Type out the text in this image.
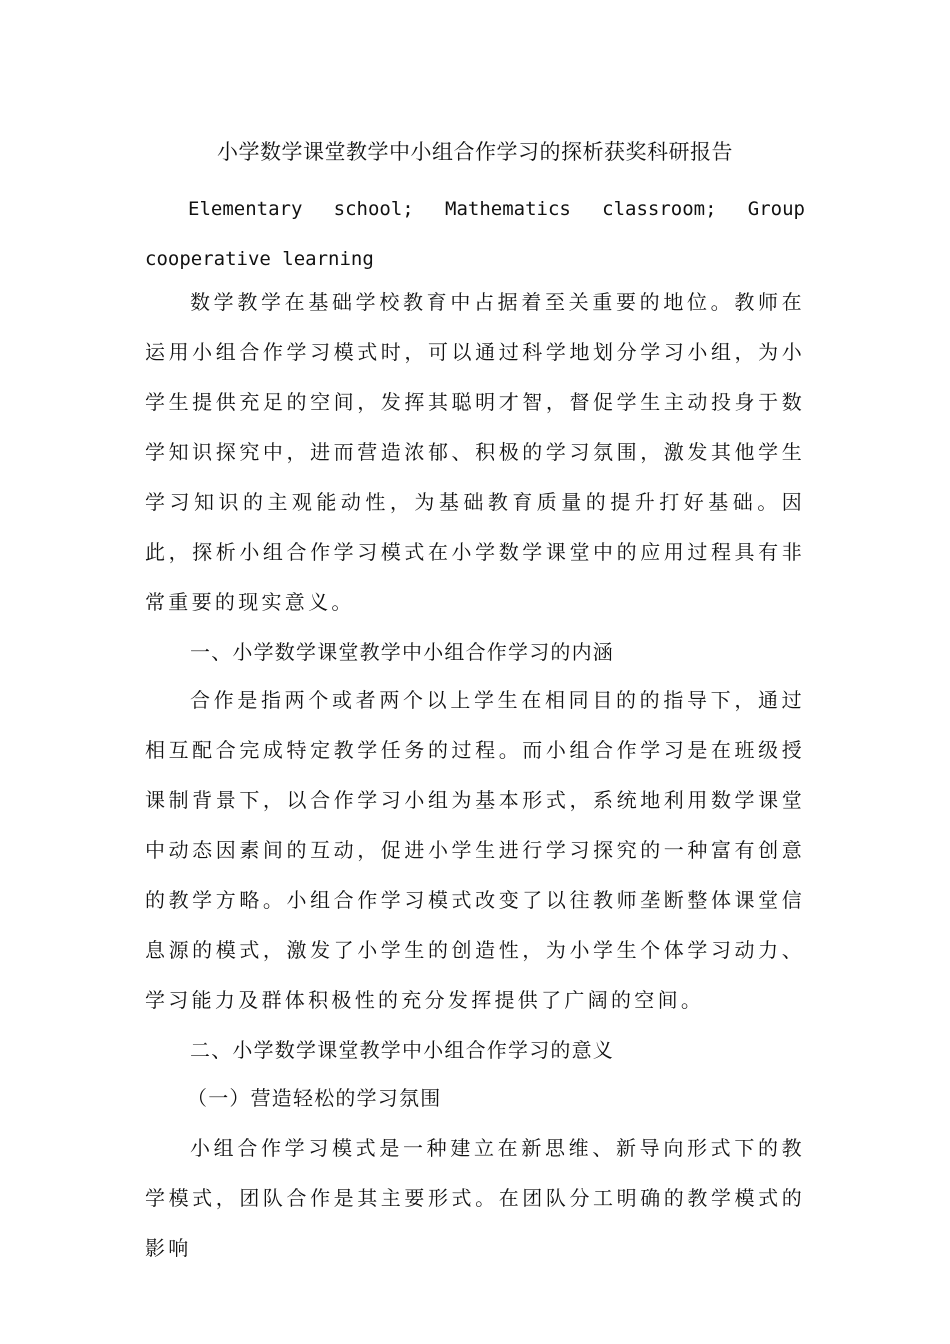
小学数学课堂教学中小组合作学习的探析获奖科研报告

Elementary school; Mathematics classroom; Group cooperative learning

数学教学在基础学校教育中占据着至关重要的地位。教师在运用小组合作学习模式时，可以通过科学地划分学习小组，为小学生提供充足的空间，发挥其聪明才智，督促学生主动投身于数学知识探究中，进而营造浓郁、积极的学习氛围，激发其他学生学习知识的主观能动性，为基础教育质量的提升打好基础。因此，探析小组合作学习模式在小学数学课堂中的应用过程具有非常重要的现实意义。

一、小学数学课堂教学中小组合作学习的内涵

合作是指两个或者两个以上学生在相同目的的指导下，通过相互配合完成特定教学任务的过程。而小组合作学习是在班级授课制背景下，以合作学习小组为基本形式，系统地利用数学课堂中动态因素间的互动，促进小学生进行学习探究的一种富有创意的教学方略。小组合作学习模式改变了以往教师垄断整体课堂信息源的模式，激发了小学生的创造性，为小学生个体学习动力、学习能力及群体积极性的充分发挥提供了广阔的空间。

二、小学数学课堂教学中小组合作学习的意义
（一）营造轻松的学习氛围

小组合作学习模式是一种建立在新思维、新导向形式下的教学模式，团队合作是其主要形式。在团队分工明确的教学模式的影响
